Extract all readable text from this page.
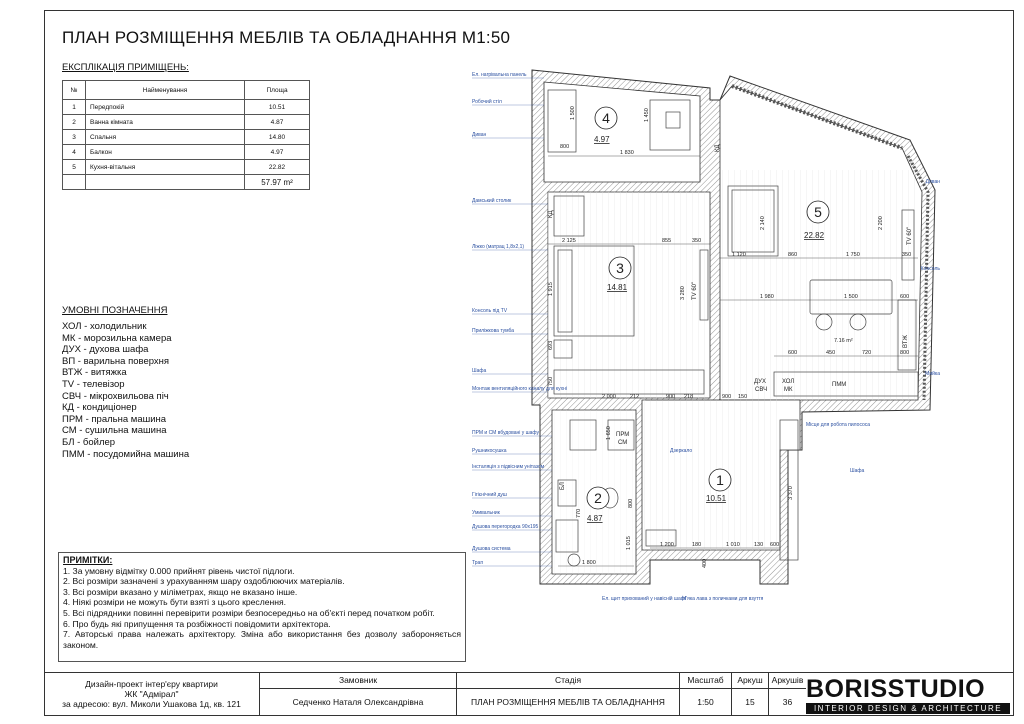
ПЛАН РОЗМІЩЕННЯ МЕБЛІВ ТА ОБЛАДНАННЯ М1:50
ЕКСПЛІКАЦІЯ ПРИМІЩЕНЬ:
№	Найменування	Площа
1	Передпокій	10.51
2	Ванна кімната	4.87
3	Спальня	14.80
4	Балкон	4.97
5	Кухня-вітальня	22.82
		57.97 m²
УМОВНІ ПОЗНАЧЕННЯ
ХОЛ - холодильник
МК - морозильна камера
ДУХ - духова шафа
ВП - варильна поверхня
ВТЖ - витяжка
TV - телевізор
СВЧ - мікрохвильова піч
КД - кондиціонер
ПРМ - пральна машина
СМ - сушильна машина
БЛ - бойлер
ПММ - посудомийна машина
ПРИМІТКИ:
1. За умовну відмітку 0.000 прийнят рівень чистої підлоги.
2. Всі розміри зазначені з урахуванням шару оздоблюючих матеріалів.
3. Всі розміри вказано у міліметрах, якщо не вказано інше.
4. Ніякі розміри не можуть бути взяті з цього креслення.
5. Всі підрядники повинні перевірити розміри безпосередньо на об'єкті перед початком робіт.
6. Про будь які припущення та розбіжності повідомити архітектора.
7. Авторські права належать архітектору. Зміна або використання без дозволу забороняється законом.
4
4.97
3
14.81
5
22.82
1
10.51
2
4.87
КД
КД
TV 60"
TV 60"
ВТЖ
ХОЛ
МК
ДУХ
СВЧ
ПММ
ПРМ
СМ
БЛ
800
1 830
1 500	1 450
2 125	855	350
1 915	3 280
693
750
2 000	212	900 218	900 150
1 120	860	1 750	350
2 140	2 200
1 980	1 500	600
450	720
600
7.16 m²
800
3 370
1 200	180	1 010	130 600
1 800
1 015
770
800
1 650
400
Ел. нагрівальна панель
Робочий стіл
Диван
Дамський столик
Ліжко (матрац 1,8х2,1)
Консоль під TV
Приліжкова тумба
Шафа
Монтаж вентиляційного каналу для кухні
ПРМ и СМ вбудовані у шафу
Рушникосушка
Інсталяція з підвісним унітазом
Гігієнічний душ
Умивальник
Душова перегородка 90х195
Душова система
Трап
Диван
Консоль
Мийка
Місце для робота пилососа
Шафа
Дзеркало
Ел. щит прихований у навісній шафі
М'яка лава з поличками для взуття
Дизайн-проект інтер'єру квартири
ЖК "Адмірал"
за адресою: вул. Миколи Ушакова 1д, кв. 121
Замовник
Седченко Наталя Олександрівна
Стадія
ПЛАН РОЗМІЩЕННЯ МЕБЛІВ ТА ОБЛАДНАННЯ
Масштаб
1:50
Аркуш
15
Аркушів
36 BORISSTUDIO
INTERIOR DESIGN & ARCHITECTURE
